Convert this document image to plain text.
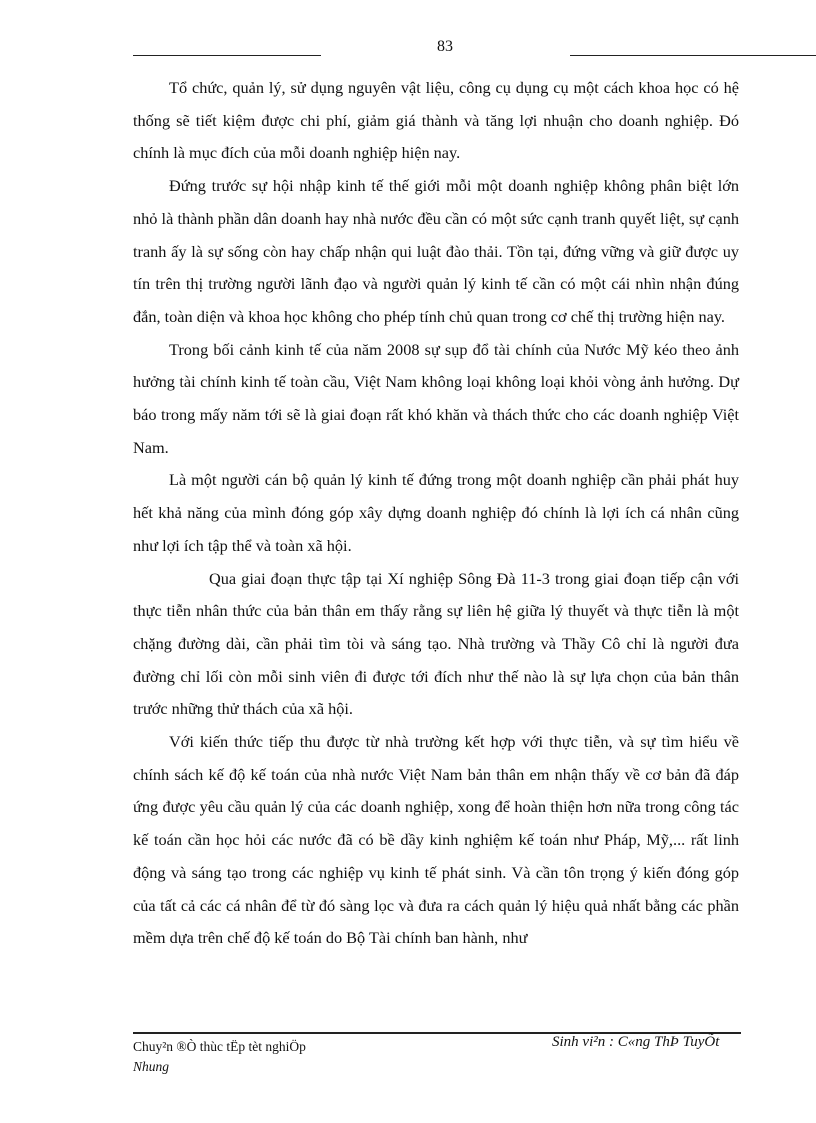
83

Tổ chức, quản lý, sử dụng nguyên vật liệu, công cụ dụng cụ một cách khoa học có hệ thống sẽ tiết kiệm được chi phí, giảm giá thành và tăng lợi nhuận cho doanh nghiệp. Đó chính là mục đích của mỗi doanh nghiệp hiện nay.

Đứng trước sự hội nhập kinh tế thế giới mỗi một doanh nghiệp không phân biệt lớn nhỏ là thành phần dân doanh hay nhà nước đều cần có một sức cạnh tranh quyết liệt, sự cạnh tranh ấy là sự sống còn hay chấp nhận qui luật đào thải. Tồn tại, đứng vững và giữ được uy tín trên thị trường người lãnh đạo và người quản lý kinh tế cần có một cái nhìn nhận đúng đắn, toàn diện và khoa học không cho phép tính chủ quan trong cơ chế thị trường hiện nay.

Trong bối cảnh kinh tế của năm 2008 sự sụp đổ tài chính của Nước Mỹ kéo theo ảnh hưởng tài chính kinh tế toàn cầu, Việt Nam không loại không loại khỏi vòng ảnh hưởng. Dự báo trong mấy năm tới sẽ là giai đoạn rất khó khăn và thách thức cho các doanh nghiệp Việt Nam.

Là một người cán bộ quản lý kinh tế đứng trong một doanh nghiệp cần phải phát huy hết khả năng của mình đóng góp xây dựng doanh nghiệp đó chính là lợi ích cá nhân cũng như lợi ích tập thể và toàn xã hội.

Qua giai đoạn thực tập tại Xí nghiệp Sông Đà 11-3 trong giai đoạn tiếp cận với thực tiễn nhân thức của bản thân em thấy rằng sự liên hệ giữa lý thuyết và thực tiễn là một chặng đường dài, cần phải tìm tòi và sáng tạo. Nhà trường và Thầy Cô chỉ là người đưa đường chỉ lối còn mỗi sinh viên đi được tới đích như thế nào là sự lựa chọn của bản thân trước những thử thách của xã hội.

Với kiến thức tiếp thu được từ nhà trường kết hợp với thực tiễn, và sự tìm hiểu về chính sách kế độ kế toán của nhà nước Việt Nam bản thân em nhận thấy về cơ bản đã đáp ứng được yêu cầu quản lý của các doanh nghiệp, xong để hoàn thiện hơn nữa trong công tác kế toán cần học hỏi các nước đã có bề dầy kinh nghiệm kế toán như Pháp, Mỹ,... rất linh động và sáng tạo trong các nghiệp vụ kinh tế phát sinh. Và cần tôn trọng ý kiến đóng góp của tất cả các cá nhân để từ đó sàng lọc và đưa ra cách quản lý hiệu quả nhất bằng các phần mềm dựa trên chế độ kế toán do Bộ Tài chính ban hành, như

Chuy²n ®Ò thùc tËp tèt nghiÖp
Nhung
Sinh vi²n : C«ng ThÞ TuyÕt
